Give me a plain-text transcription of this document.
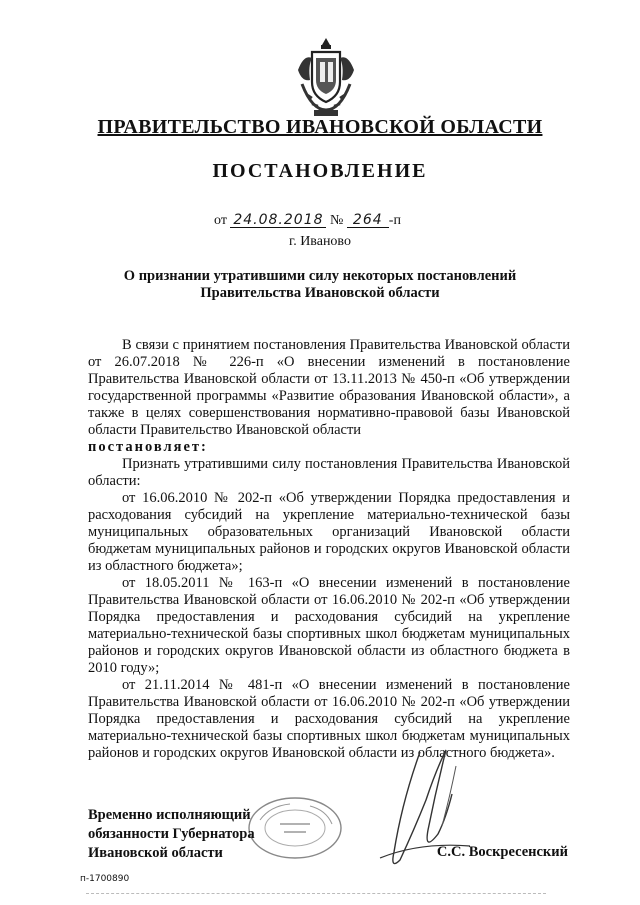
ПРАВИТЕЛЬСТВО ИВАНОВСКОЙ ОБЛАСТИ
ПОСТАНОВЛЕНИЕ
от 24.08.2018 № 264 -п
г. Иваново
О признании утратившими силу некоторых постановлений Правительства Ивановской области

В связи с принятием постановления Правительства Ивановской области от 26.07.2018 № 226-п «О внесении изменений в постановление Правительства Ивановской области от 13.11.2013 № 450-п «Об утверждении государственной программы «Развитие образования Ивановской области», а также в целях совершенствования нормативно-правовой базы Ивановской области Правительство Ивановской области

постановляет:

Признать утратившими силу постановления Правительства Ивановской области:

от 16.06.2010 № 202-п «Об утверждении Порядка предоставления и расходования субсидий на укрепление материально-технической базы муниципальных образовательных организаций Ивановской области бюджетам муниципальных районов и городских округов Ивановской области из областного бюджета»;

от 18.05.2011 № 163-п «О внесении изменений в постановление Правительства Ивановской области от 16.06.2010 № 202-п «Об утверждении Порядка предоставления и расходования субсидий на укрепление материально-технической базы спортивных школ бюджетам муниципальных районов и городских округов Ивановской области из областного бюджета в 2010 году»;

от 21.11.2014 № 481-п «О внесении изменений в постановление Правительства Ивановской области от 16.06.2010 № 202-п «Об утверждении Порядка предоставления и расходования субсидий на укрепление материально-технической базы спортивных школ бюджетам муниципальных районов и городских округов Ивановской области из областного бюджета».

Временно исполняющий
обязанности Губернатора
Ивановской области	С.С. Воскресенский
п-1700890
